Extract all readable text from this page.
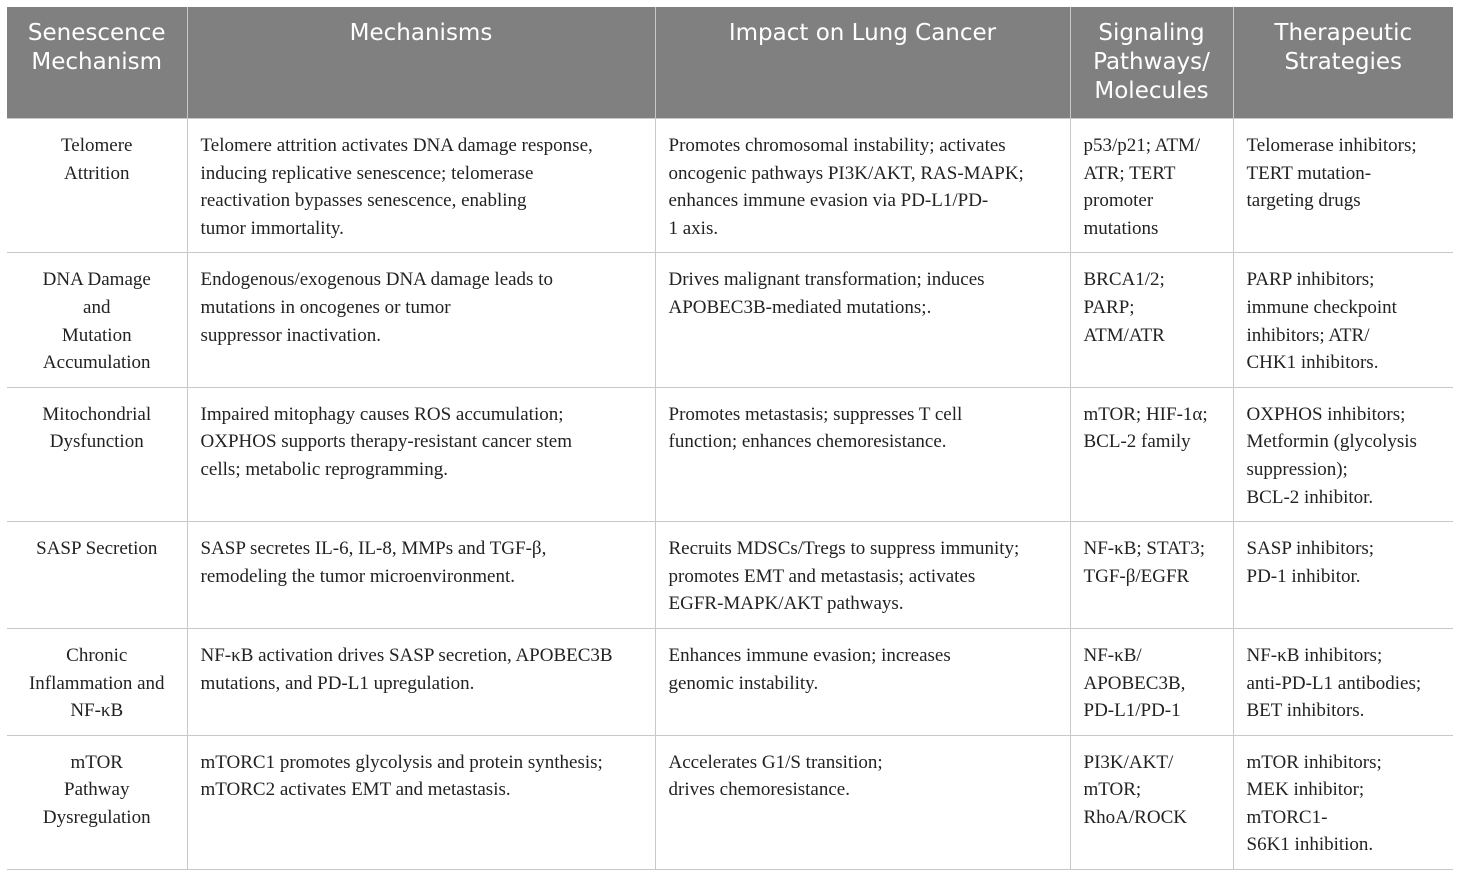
Senescence
Mechanism	Mechanisms	Impact on Lung Cancer	Signaling
Pathways/
Molecules	Therapeutic
Strategies

Telomere
Attrition	Telomere attrition activates DNA damage response,
inducing replicative senescence; telomerase
reactivation bypasses senescence, enabling
tumor immortality.	Promotes chromosomal instability; activates
oncogenic pathways PI3K/AKT, RAS-MAPK;
enhances immune evasion via PD-L1/PD-
1 axis.	p53/p21; ATM/
ATR; TERT
promoter
mutations	Telomerase inhibitors;
TERT mutation-
targeting drugs

DNA Damage
and
Mutation
Accumulation	Endogenous/exogenous DNA damage leads to
mutations in oncogenes or tumor
suppressor inactivation.	Drives malignant transformation; induces
APOBEC3B-mediated mutations;.	BRCA1/2;
PARP;
ATM/ATR	PARP inhibitors;
immune checkpoint
inhibitors; ATR/
CHK1 inhibitors.

Mitochondrial
Dysfunction	Impaired mitophagy causes ROS accumulation;
OXPHOS supports therapy-resistant cancer stem
cells; metabolic reprogramming.	Promotes metastasis; suppresses T cell
function; enhances chemoresistance.	mTOR; HIF-1α;
BCL-2 family	OXPHOS inhibitors;
Metformin (glycolysis
suppression);
BCL-2 inhibitor.

SASP Secretion	SASP secretes IL-6, IL-8, MMPs and TGF-β,
remodeling the tumor microenvironment.	Recruits MDSCs/Tregs to suppress immunity;
promotes EMT and metastasis; activates
EGFR-MAPK/AKT pathways.	NF-κB; STAT3;
TGF-β/EGFR	SASP inhibitors;
PD-1 inhibitor.

Chronic
Inflammation and
NF-κB	NF-κB activation drives SASP secretion, APOBEC3B
mutations, and PD-L1 upregulation.	Enhances immune evasion; increases
genomic instability.	NF-κB/
APOBEC3B,
PD-L1/PD-1	NF-κB inhibitors;
anti-PD-L1 antibodies;
BET inhibitors.

mTOR
Pathway
Dysregulation	mTORC1 promotes glycolysis and protein synthesis;
mTORC2 activates EMT and metastasis.	Accelerates G1/S transition;
drives chemoresistance.	PI3K/AKT/
mTOR;
RhoA/ROCK	mTOR inhibitors;
MEK inhibitor;
mTORC1-
S6K1 inhibition.
